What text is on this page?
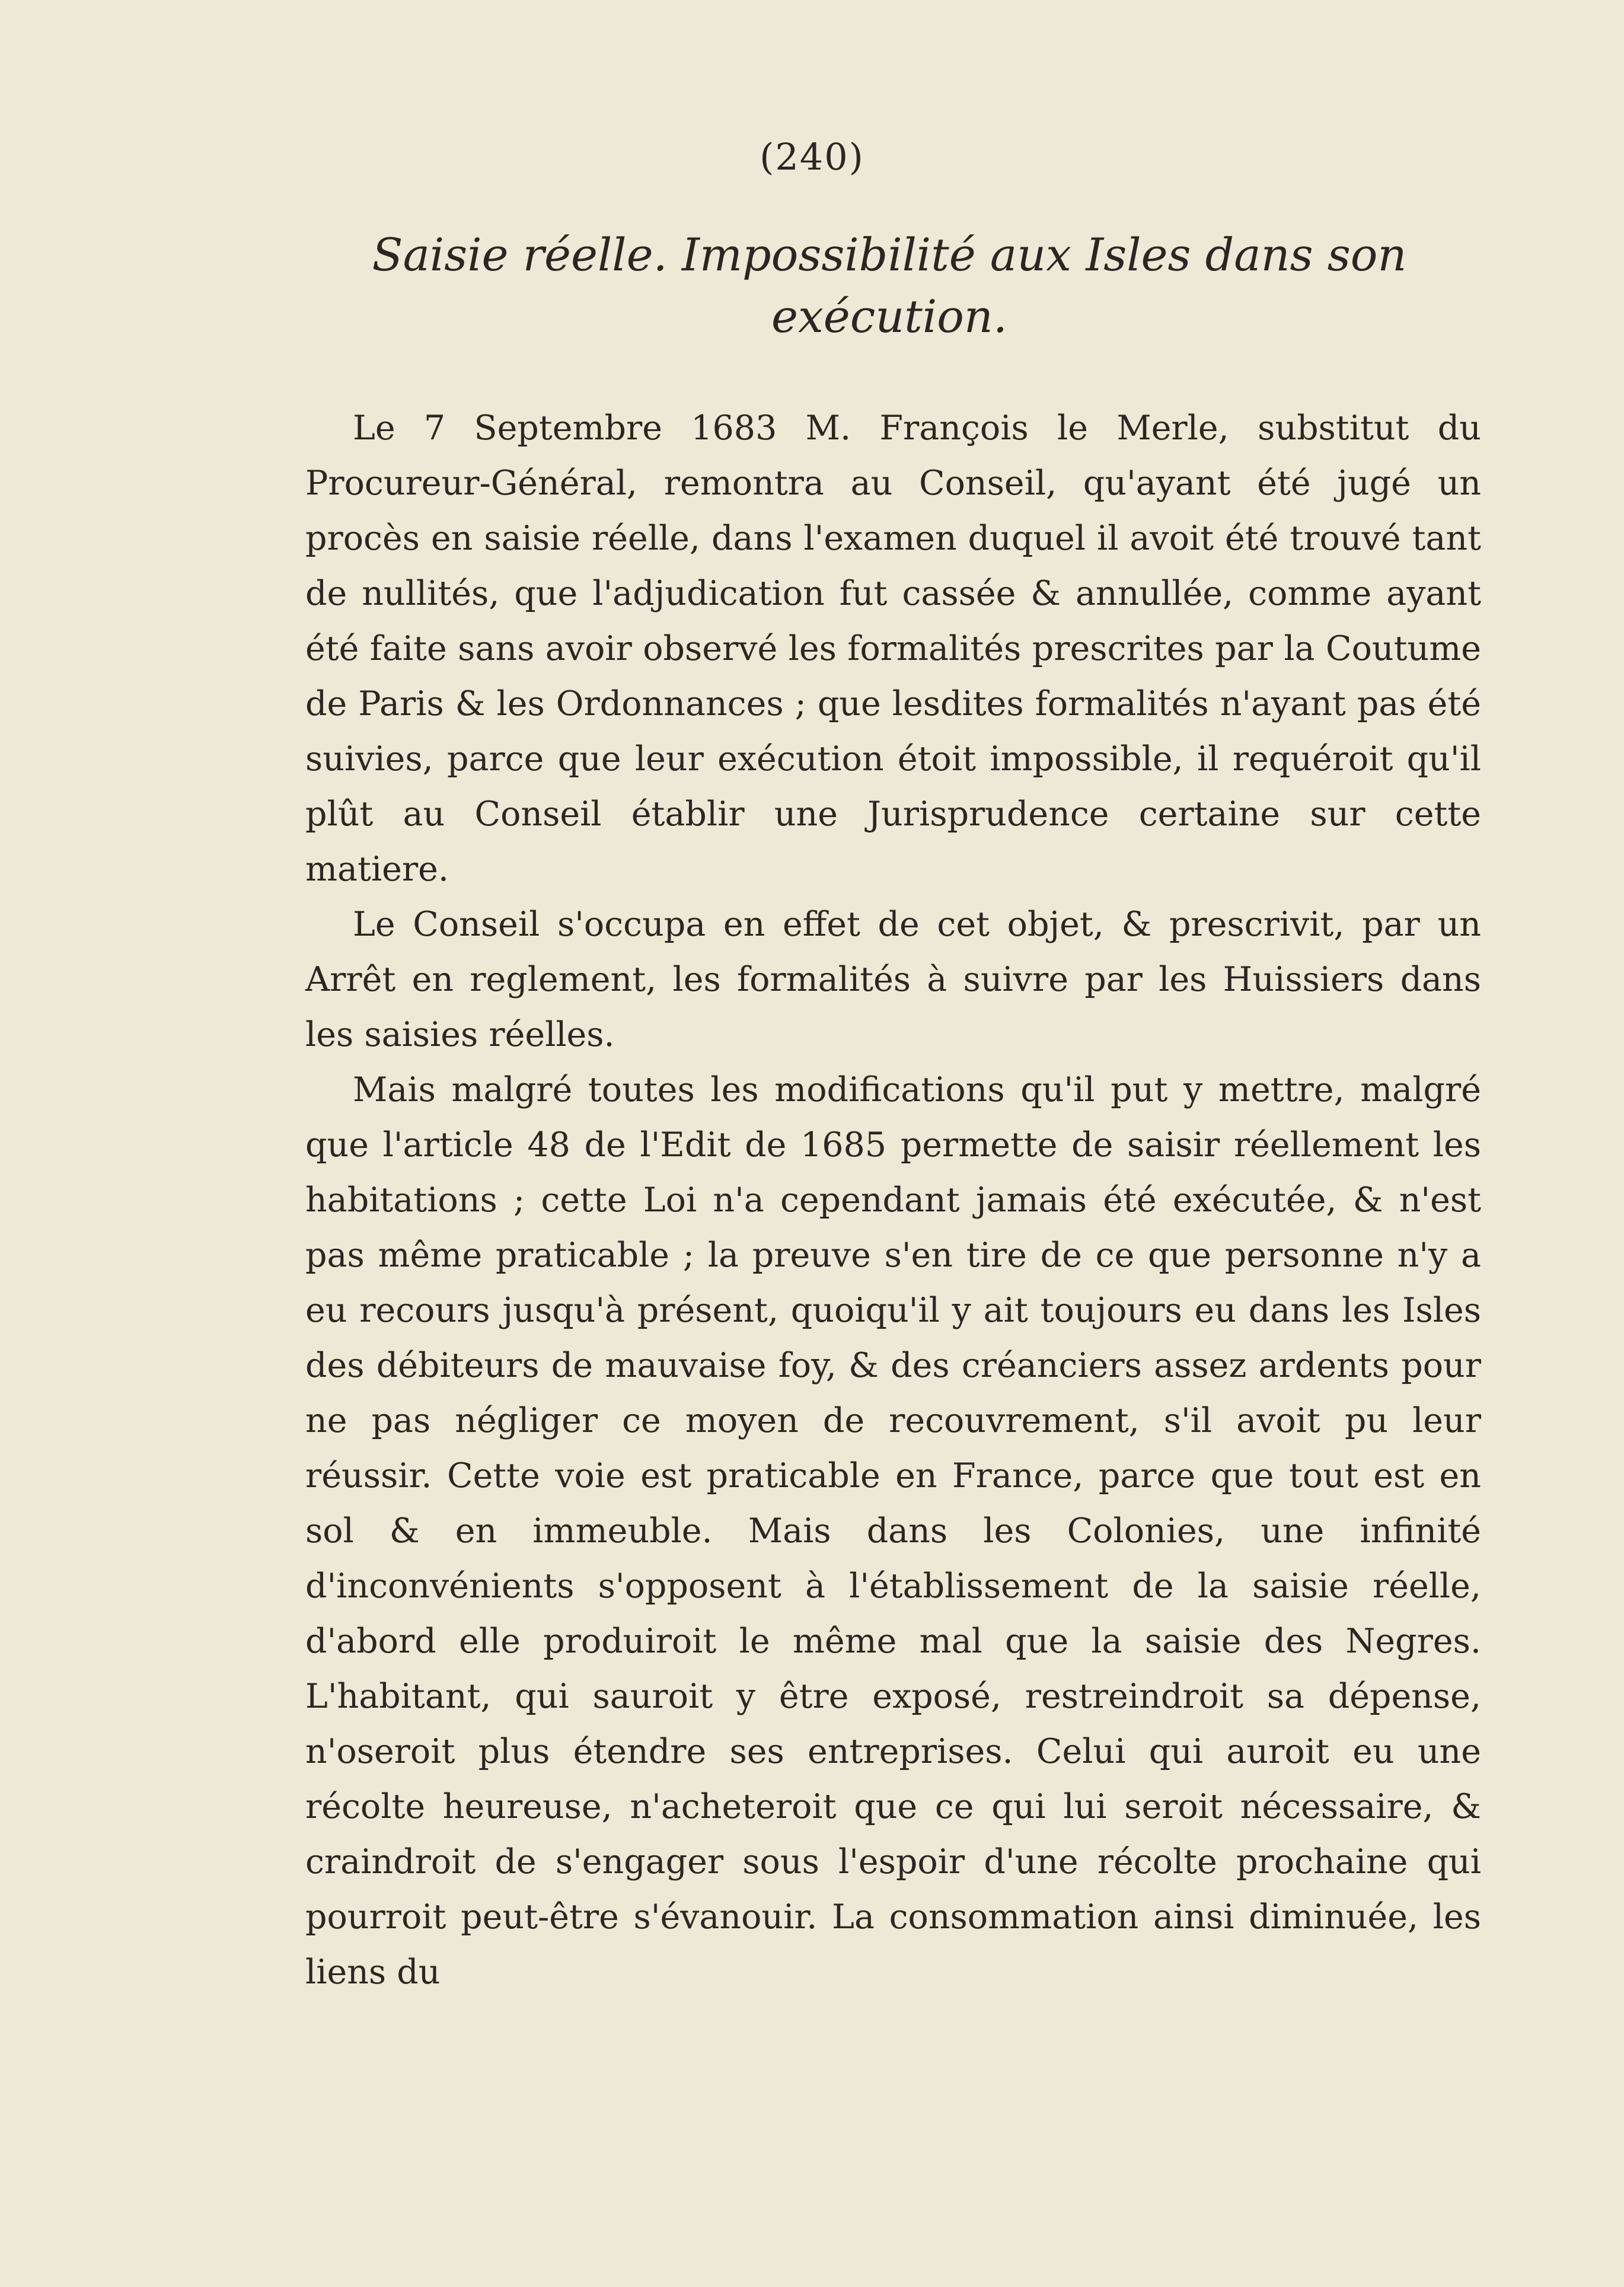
(240)
Saisie réelle. Impossibilité aux Isles dans son exécution.

Le 7 Septembre 1683 M. François le Merle, substitut du Procureur-Général, remontra au Conseil, qu'ayant été jugé un procès en saisie réelle, dans l'examen duquel il avoit été trouvé tant de nullités, que l'adjudication fut cassée & annullée, comme ayant été faite sans avoir observé les formalités prescrites par la Coutume de Paris & les Ordonnances ; que lesdites formalités n'ayant pas été suivies, parce que leur exécution étoit impossible, il requéroit qu'il plût au Conseil établir une Jurisprudence certaine sur cette matiere.

Le Conseil s'occupa en effet de cet objet, & prescrivit, par un Arrêt en reglement, les formalités à suivre par les Huissiers dans les saisies réelles.

Mais malgré toutes les modifications qu'il put y mettre, malgré que l'article 48 de l'Edit de 1685 permette de saisir réellement les habitations ; cette Loi n'a cependant jamais été exécutée, & n'est pas même praticable ; la preuve s'en tire de ce que personne n'y a eu recours jusqu'à présent, quoiqu'il y ait toujours eu dans les Isles des débiteurs de mauvaise foy, & des créanciers assez ardents pour ne pas négliger ce moyen de recouvrement, s'il avoit pu leur réussir. Cette voie est praticable en France, parce que tout est en sol & en immeuble. Mais dans les Colonies, une infinité d'inconvénients s'opposent à l'établissement de la saisie réelle, d'abord elle produiroit le même mal que la saisie des Negres. L'habitant, qui sauroit y être exposé, restreindroit sa dépense, n'oseroit plus étendre ses entreprises. Celui qui auroit eu une récolte heureuse, n'acheteroit que ce qui lui seroit nécessaire, & craindroit de s'engager sous l'espoir d'une récolte prochaine qui pourroit peut-être s'évanouir. La consommation ainsi diminuée, les liens du
